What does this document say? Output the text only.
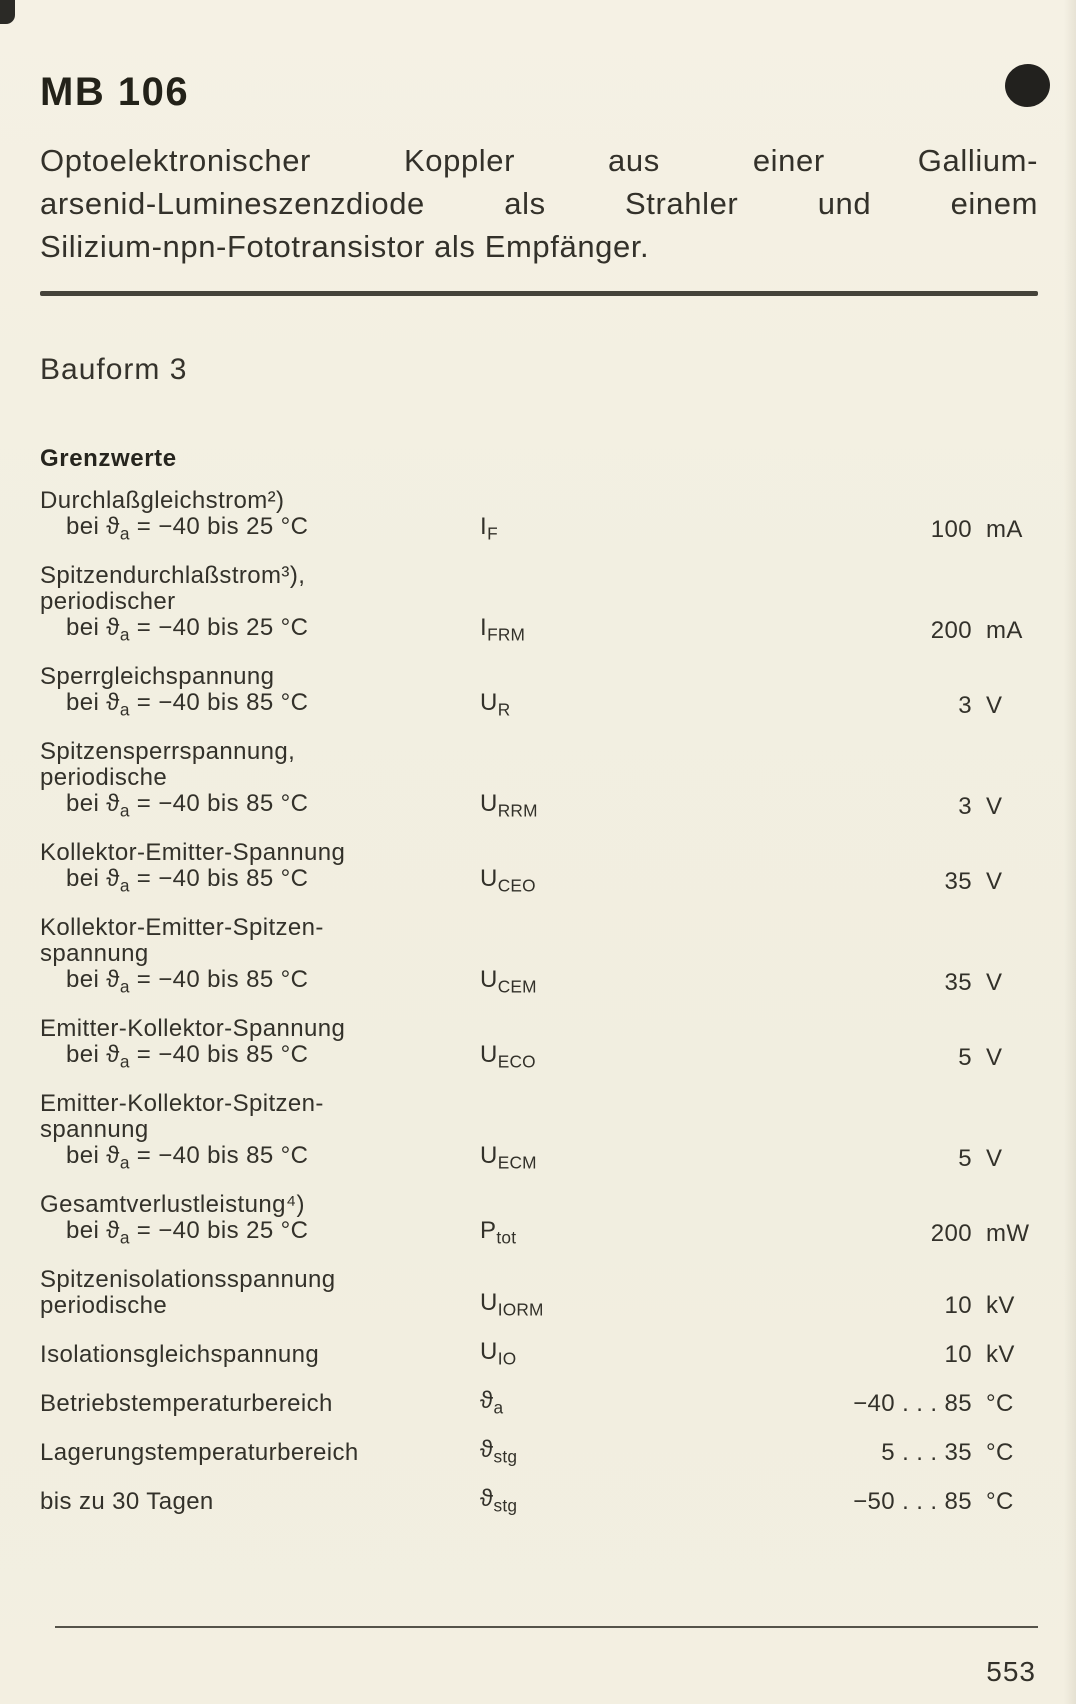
MB 106
Optoelektronischer Koppler aus einer Gallium-
arsenid-Lumineszenzdiode als Strahler und einem
Silizium-npn-Fototransistor als Empfänger.
Bauform 3
Grenzwerte
Durchlaßgleichstrom²)
bei $ϑ_a = -40$ bis 25 °C	$I_F$	100 mA
Spitzendurchlaßstrom³),
periodischer
bei $ϑ_a = -40$ bis 25 °C	$I_{FRM}$	200 mA
Sperrgleichspannung
bei $ϑ_a = -40$ bis 85 °C	$U_R$	3 V
Spitzensperrspannung,
periodische
bei $ϑ_a = -40$ bis 85 °C	$U_{RRM}$	3 V
Kollektor-Emitter-Spannung
bei $ϑ_a = -40$ bis 85 °C	$U_{CEO}$	35 V
Kollektor-Emitter-Spitzen-
spannung
bei $ϑ_a = -40$ bis 85 °C	$U_{CEM}$	35 V
Emitter-Kollektor-Spannung
bei $ϑ_a = -40$ bis 85 °C	$U_{ECO}$	5 V
Emitter-Kollektor-Spitzen-
spannung
bei $ϑ_a = -40$ bis 85 °C	$U_{ECM}$	5 V
Gesamtverlustleistung⁴)
bei $ϑ_a = -40$ bis 25 °C	$P_{tot}$	200 mW
Spitzenisolationsspannung
periodische	$U_{IORM}$	10 kV
Isolationsgleichspannung	$U_{IO}$	10 kV
Betriebstemperaturbereich	$ϑ_a$	−40 . . . 85 °C
Lagerungstemperaturbereich	$ϑ_{stg}$	5 . . . 35 °C
bis zu 30 Tagen	$ϑ_{stg}$	−50 . . . 85 °C
553
